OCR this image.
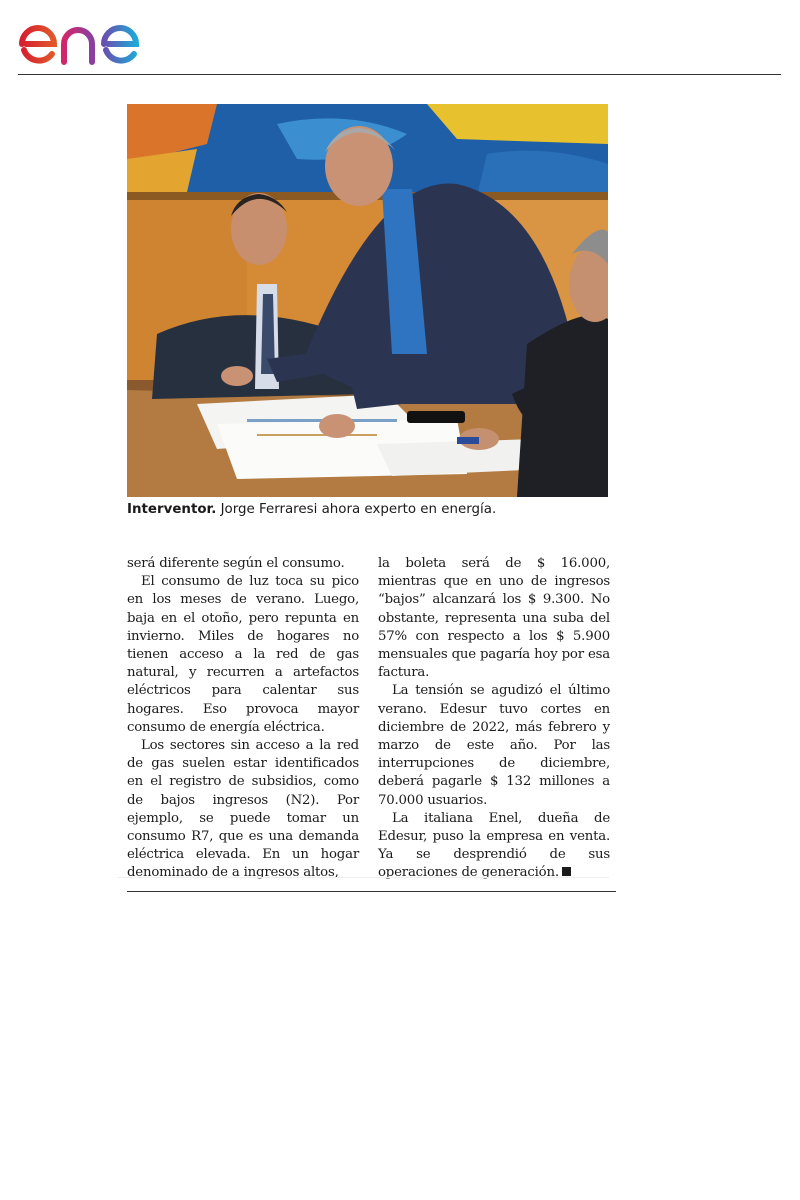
Interventor. Jorge Ferraresi ahora experto en energía.

será diferente según el consumo.

El consumo de luz toca su pico en los meses de verano. Luego, baja en el otoño, pero repunta en invierno. Miles de hogares no tienen acceso a la red de gas natural, y recurren a artefactos eléctricos para calentar sus hogares. Eso provoca mayor consumo de energía eléctrica.

Los sectores sin acceso a la red de gas suelen estar identificados en el registro de subsidios, como de bajos ingresos (N2). Por ejemplo, se puede tomar un consumo R7, que es una demanda eléctrica elevada. En un hogar denominado de a ingresos altos,

la boleta será de $ 16.000, mientras que en uno de ingresos “bajos” alcanzará los $ 9.300. No obstante, representa una suba del 57% con respecto a los $ 5.900 mensuales que pagaría hoy por esa factura.

La tensión se agudizó el último verano. Edesur tuvo cortes en diciembre de 2022, más febrero y marzo de este año. Por las interrupciones de diciembre, deberá pagarle $ 132 millones a 70.000 usuarios.

La italiana Enel, dueña de Edesur, puso la empresa en venta. Ya se desprendió de sus operaciones de generación.
